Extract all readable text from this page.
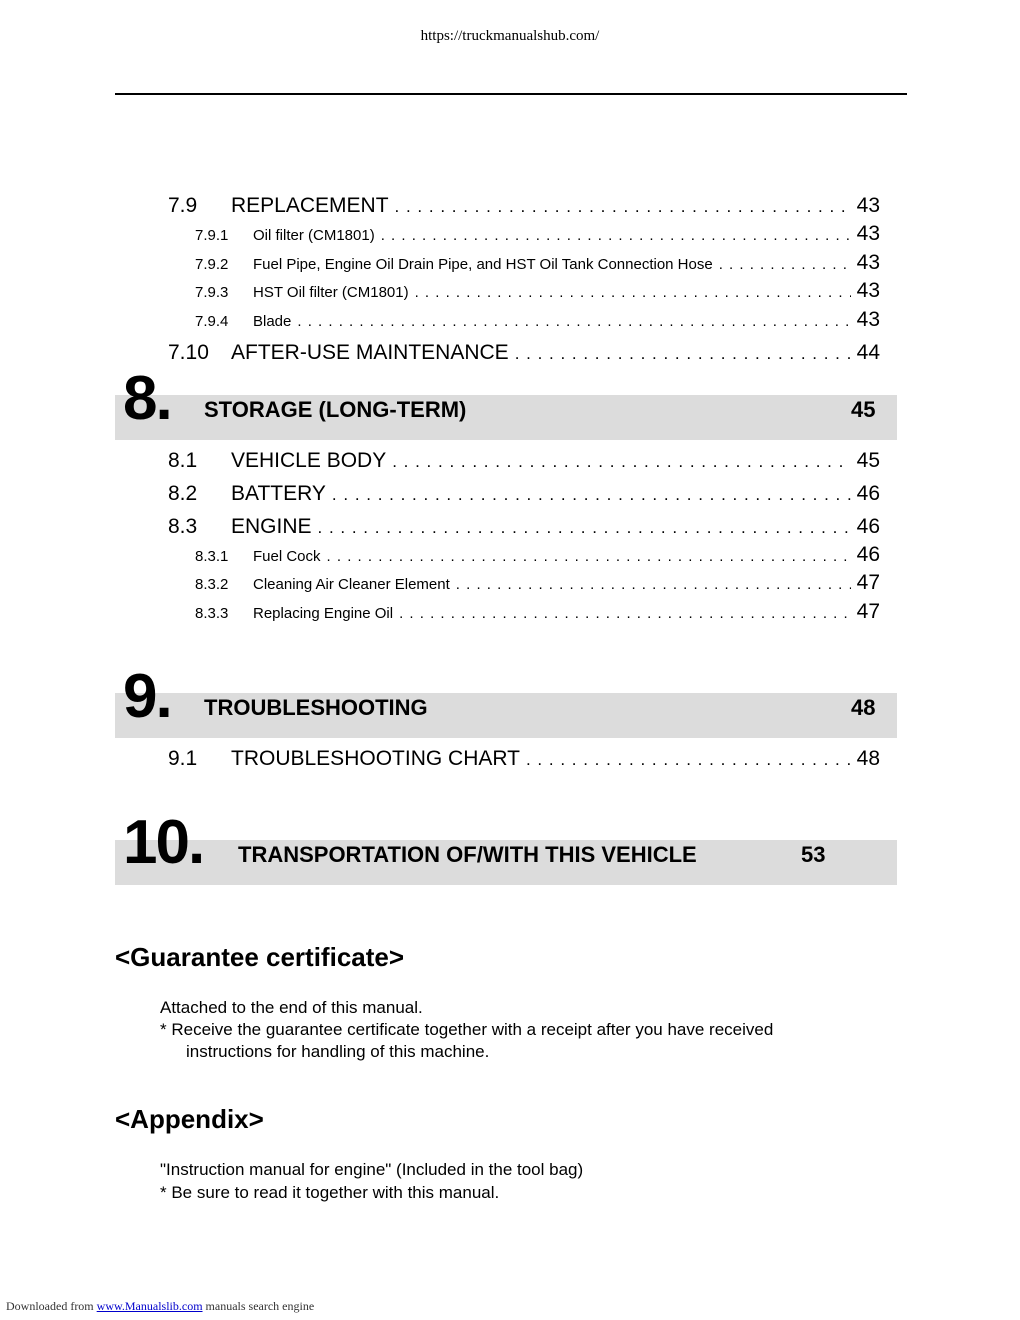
https://truckmanualshub.com/
7.9	REPLACEMENT . . .	43
7.9.1	Oil filter (CM1801) . . .	43
7.9.2	Fuel Pipe, Engine Oil Drain Pipe, and HST Oil Tank Connection Hose . . .	43
7.9.3	HST Oil filter (CM1801) . . .	43
7.9.4	Blade . . .	43
7.10	AFTER-USE MAINTENANCE . . .	44
8. STORAGE (LONG-TERM)	45
8.1	VEHICLE BODY . . .	45
8.2	BATTERY . . .	46
8.3	ENGINE . . .	46
8.3.1	Fuel Cock . . .	46
8.3.2	Cleaning Air Cleaner Element . . .	47
8.3.3	Replacing Engine Oil . . .	47
9. TROUBLESHOOTING	48
9.1	TROUBLESHOOTING CHART . . .	48
10. TRANSPORTATION OF/WITH THIS VEHICLE	53
<Guarantee certificate>
Attached to the end of this manual.
* Receive the guarantee certificate together with a receipt after you have received
instructions for handling of this machine.
<Appendix>
"Instruction manual for engine" (Included in the tool bag)
* Be sure to read it together with this manual.
Downloaded from www.Manualslib.com manuals search engine
